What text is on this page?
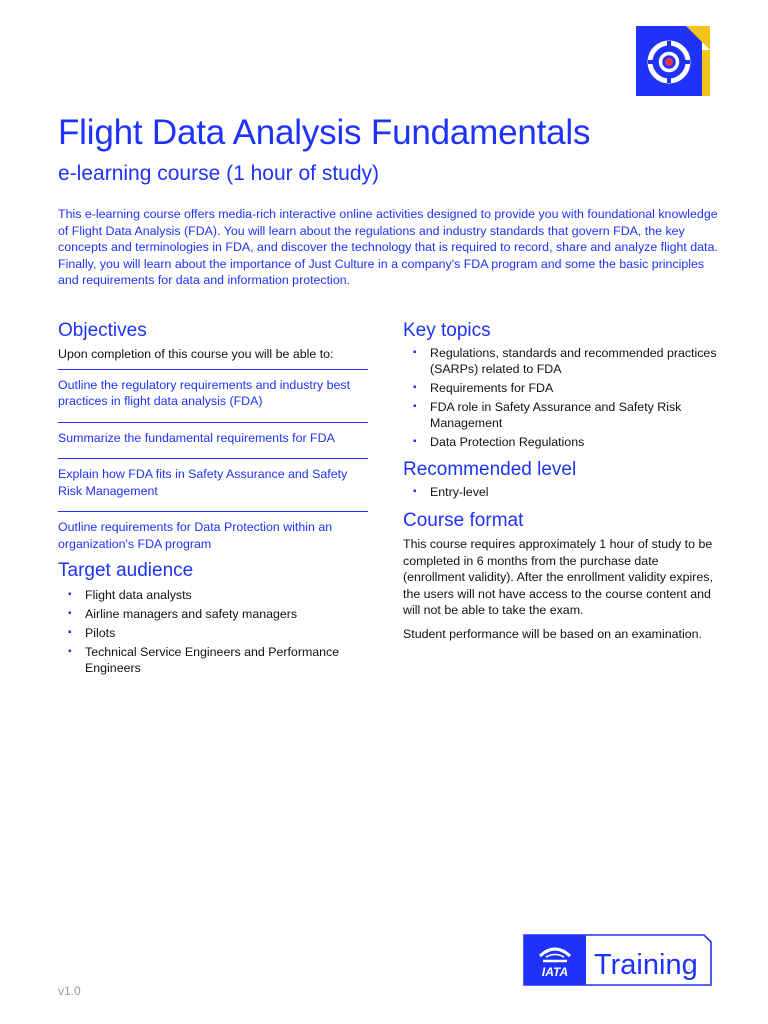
Flight Data Analysis Fundamentals
e-learning course (1 hour of study)

This e-learning course offers media-rich interactive online activities designed to provide you with foundational knowledge of Flight Data Analysis (FDA). You will learn about the regulations and industry standards that govern FDA, the key concepts and terminologies in FDA, and discover the technology that is required to record, share and analyze flight data. Finally, you will learn about the importance of Just Culture in a company's FDA program and some the basic principles and requirements for data and information protection.

Objectives

Upon completion of this course you will be able to:

Outline the regulatory requirements and industry best practices in flight data analysis (FDA)
Summarize the fundamental requirements for FDA
Explain how FDA fits in Safety Assurance and Safety Risk Management
Outline requirements for Data Protection within an organization's FDA program
Target audience
▪ Flight data analysts
▪ Airline managers and safety managers
▪ Pilots
▪ Technical Service Engineers and Performance Engineers
Key topics
▪ Regulations, standards and recommended practices (SARPs) related to FDA
▪ Requirements for FDA
▪ FDA role in Safety Assurance and Safety Risk Management
▪ Data Protection Regulations
Recommended level
▪ Entry-level
Course format

This course requires approximately 1 hour of study to be completed in 6 months from the purchase date (enrollment validity). After the enrollment validity expires, the users will not have access to the course content and will not be able to take the exam.

Student performance will be based on an examination.

IATA Training

v1.0
